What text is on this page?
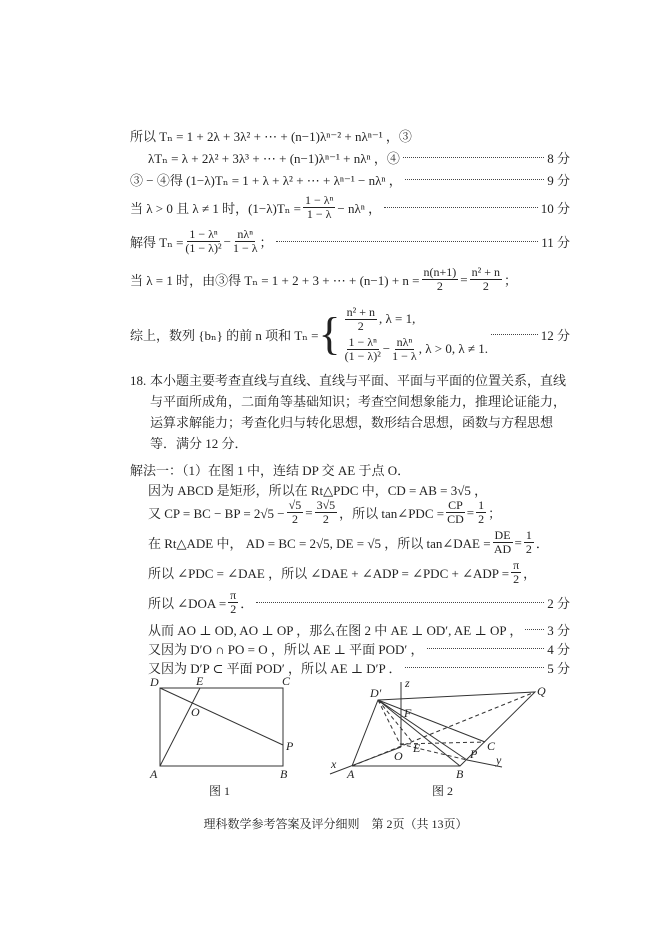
所以 Tₙ = 1 + 2λ + 3λ² + ⋯ + (n−1)λⁿ⁻² + nλⁿ⁻¹ ，③
λTₙ = λ + 2λ² + 3λ³ + ⋯ + (n−1)λⁿ⁻¹ + nλⁿ ，④	8 分
③ − ④得 (1−λ)Tₙ = 1 + λ + λ² + ⋯ + λⁿ⁻¹ − nλⁿ ，	9 分
当 λ > 0 且 λ ≠ 1 时，$(1-\lambda)T_n = \frac{\text{1 − λⁿ}}{1 - \lambda} - n\lambda^n$ ，	10 分
解得 $T_n = \frac{\text{1 − λⁿ}}{\text{(1 − λ)²}} - n\lambda^n$
1 − λ ；	11 分
当 λ = 1 时，由③得 Tₙ = 1 + 2 + 3 + ⋯ + $(n-1) + n = \frac{n(n+1)}{2} = \frac{\text{n² + n}}{2}$ ；
综上，数列 {bₙ} 的前 n 项和 Tₙ = { n² + n
2 , λ = 1,
1 − λⁿ
(1 − λ)² − nλⁿ
1 − λ , λ > 0, λ ≠ 1.
12 分
18. 本小题主要考查直线与直线、直线与平面、平面与平面的位置关系，直线与平面所成角，二面角等基础知识；考查空间想象能力，推理论证能力，运算求解能力；考查化归与转化思想，数形结合思想，函数与方程思想等．满分 12 分．
解法一：（1）在图 1 中，连结 DP 交 AE 于点 O．
因为 ABCD 是矩形，所以在 Rt△PDC 中，CD = AB = 3√5 ，
又 CP = BC − BP = $2√5 - \frac{√5}{2} = \frac{3√5}{2}$ ，所以 tan∠PDC = $\frac{CP}{CD} = \frac{1}{2}$ ；
在 Rt△ADE 中， AD = BC = 2√5, DE = √5 ，所以 tan∠DAE = $\frac{DE}{AD} = \frac{1}{2}$ ．
所以 ∠PDC = ∠DAE ，所以 ∠DAE + ∠ADP = ∠PDC + ∠ADP = $\frac{\pi}{2}$ ，
所以 ∠DOA = $\frac{\pi}{2}$ ．	2 分
从而 AO ⊥ OD, AO ⊥ OP ，那么在图 2 中 AE ⊥ OD′, AE ⊥ OP ， 3 分
又因为 D′O ∩ PO = O ，所以 AE ⊥ 平面 POD′ ，	4 分
又因为 D′P ⊂ 平面 POD′ ，所以 AE ⊥ D′P ．	5 分
D	E	C
O
P
A	B
D′	Q
z
F
E	C
O	P y
x
A	B
图 1	图 2
理科数学参考答案及评分细则　第 2页（共 13页）
